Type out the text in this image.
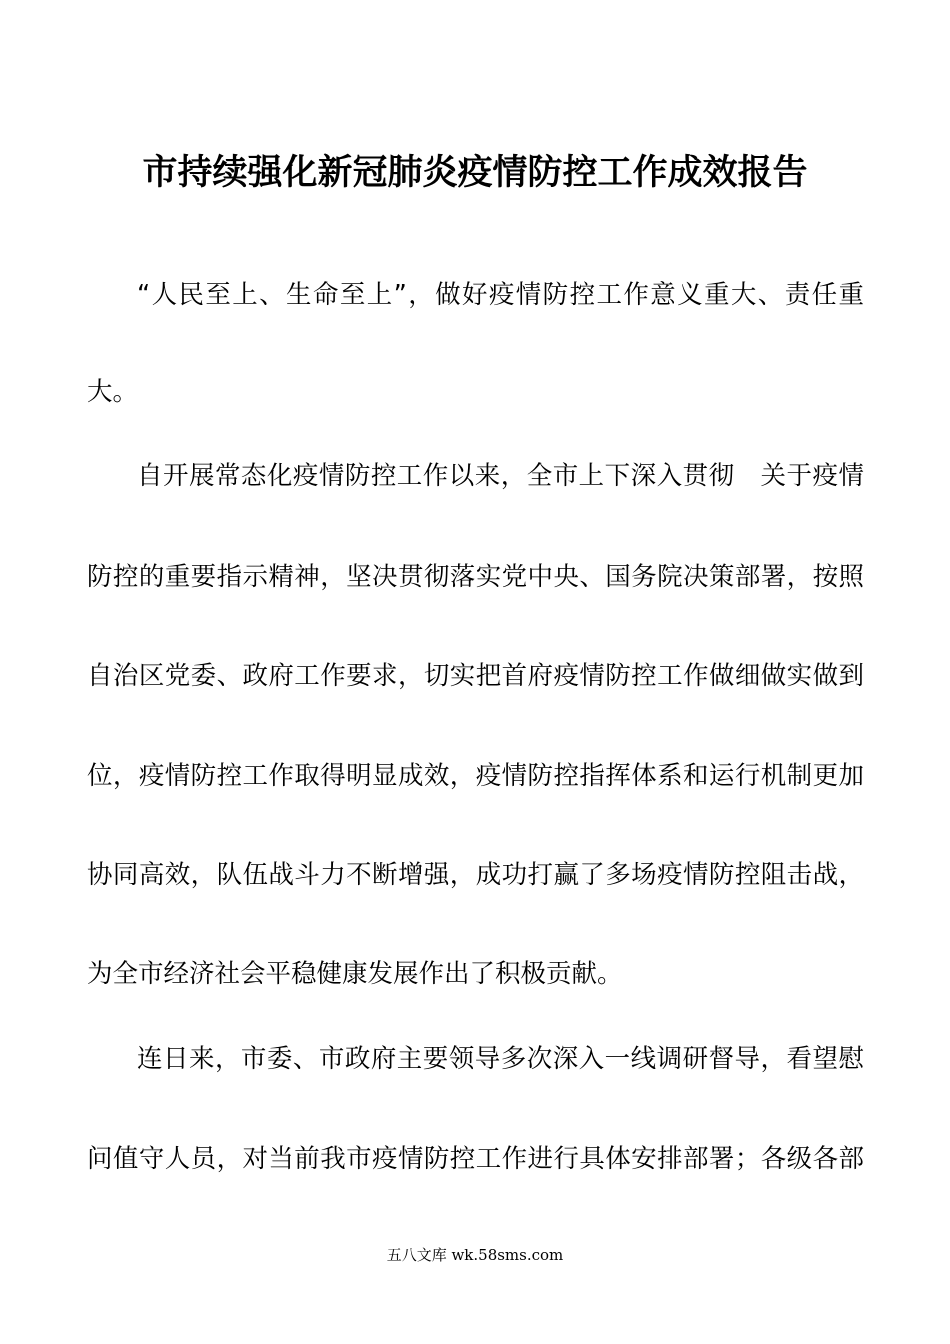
市持续强化新冠肺炎疫情防控工作成效报告
“人民至上、生命至上”，做好疫情防控工作意义重大、责任重
大。
自开展常态化疫情防控工作以来，全市上下深入贯彻　关于疫情
防控的重要指示精神，坚决贯彻落实党中央、国务院决策部署，按照
自治区党委、政府工作要求，切实把首府疫情防控工作做细做实做到
位，疫情防控工作取得明显成效，疫情防控指挥体系和运行机制更加
协同高效，队伍战斗力不断增强，成功打赢了多场疫情防控阻击战，
为全市经济社会平稳健康发展作出了积极贡献。
连日来，市委、市政府主要领导多次深入一线调研督导，看望慰
问值守人员，对当前我市疫情防控工作进行具体安排部署；各级各部
五八文库 wk.58sms.com
